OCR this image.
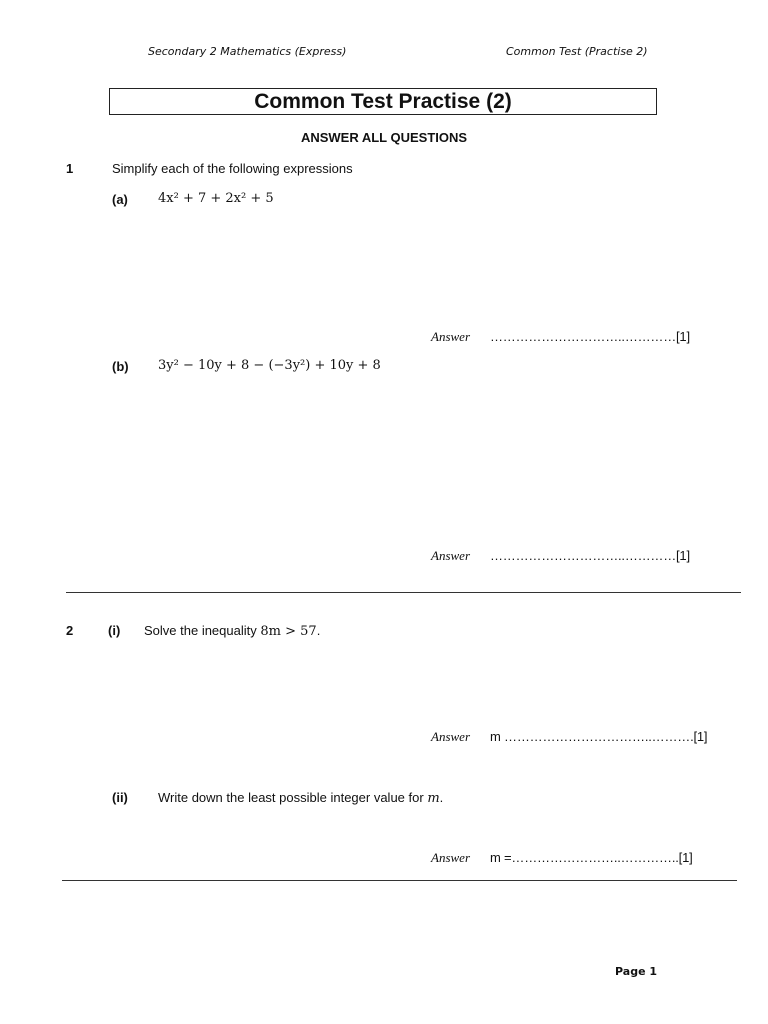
Secondary 2 Mathematics (Express)	Common Test (Practise 2)
Common Test Practise (2)
ANSWER ALL QUESTIONS
1	Simplify each of the following expressions
(a) 4x² + 7 + 2x² + 5
Answer …………………………..…………[1]
(b) 3y² − 10y + 8 − (−3y²) + 10y + 8
Answer …………………………..…………[1]
2	(i) Solve the inequality 8m > 57.
Answer m ……………………………..……….[1]
(ii) Write down the least possible integer value for m.
Answer m =……………………..…………..[1]
Page 1
